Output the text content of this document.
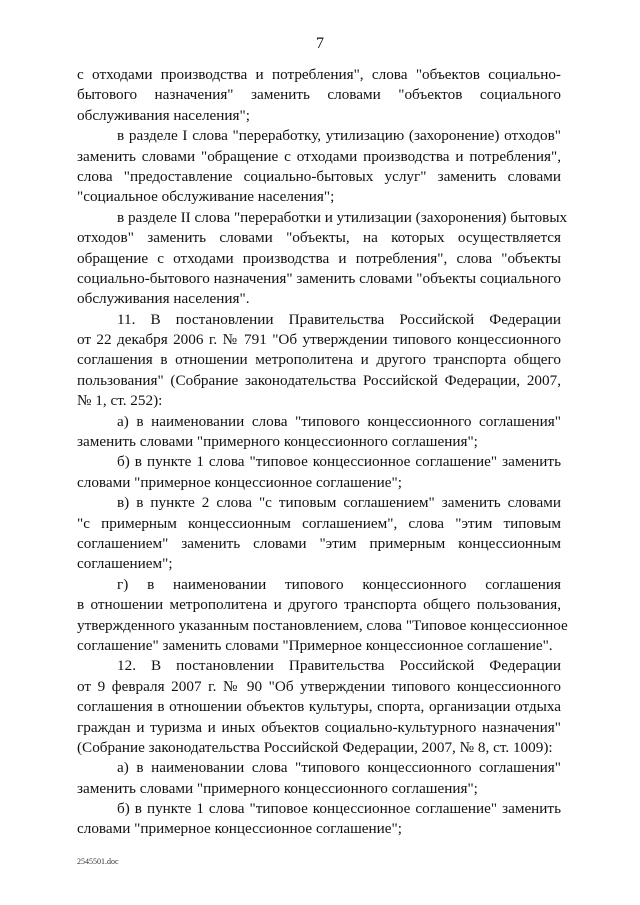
7
с отходами производства и потребления", слова "объектов социально-
бытового назначения" заменить словами "объектов социального
обслуживания населения";
в разделе I слова "переработку, утилизацию (захоронение) отходов"
заменить словами "обращение с отходами производства и потребления",
слова "предоставление социально-бытовых услуг" заменить словами
"социальное обслуживание населения";
в разделе II слова "переработки и утилизации (захоронения) бытовых
отходов" заменить словами "объекты, на которых осуществляется
обращение с отходами производства и потребления", слова "объекты
социально-бытового назначения" заменить словами "объекты социального
обслуживания населения".
11. В постановлении Правительства Российской Федерации
от 22 декабря 2006 г. № 791 "Об утверждении типового концессионного
соглашения в отношении метрополитена и другого транспорта общего
пользования" (Собрание законодательства Российской Федерации, 2007,
№ 1, ст. 252):
а) в наименовании слова "типового концессионного соглашения"
заменить словами "примерного концессионного соглашения";
б) в пункте 1 слова "типовое концессионное соглашение" заменить
словами "примерное концессионное соглашение";
в) в пункте 2 слова "с типовым соглашением" заменить словами
"с примерным концессионным соглашением", слова "этим типовым
соглашением" заменить словами "этим примерным концессионным
соглашением";
г) в наименовании типового концессионного соглашения
в отношении метрополитена и другого транспорта общего пользования,
утвержденного указанным постановлением, слова "Типовое концессионное
соглашение" заменить словами "Примерное концессионное соглашение".
12. В постановлении Правительства Российской Федерации
от 9 февраля 2007 г. № 90 "Об утверждении типового концессионного
соглашения в отношении объектов культуры, спорта, организации отдыха
граждан и туризма и иных объектов социально-культурного назначения"
(Собрание законодательства Российской Федерации, 2007, № 8, ст. 1009):
а) в наименовании слова "типового концессионного соглашения"
заменить словами "примерного концессионного соглашения";
б) в пункте 1 слова "типовое концессионное соглашение" заменить
словами "примерное концессионное соглашение";
2545501.doc
